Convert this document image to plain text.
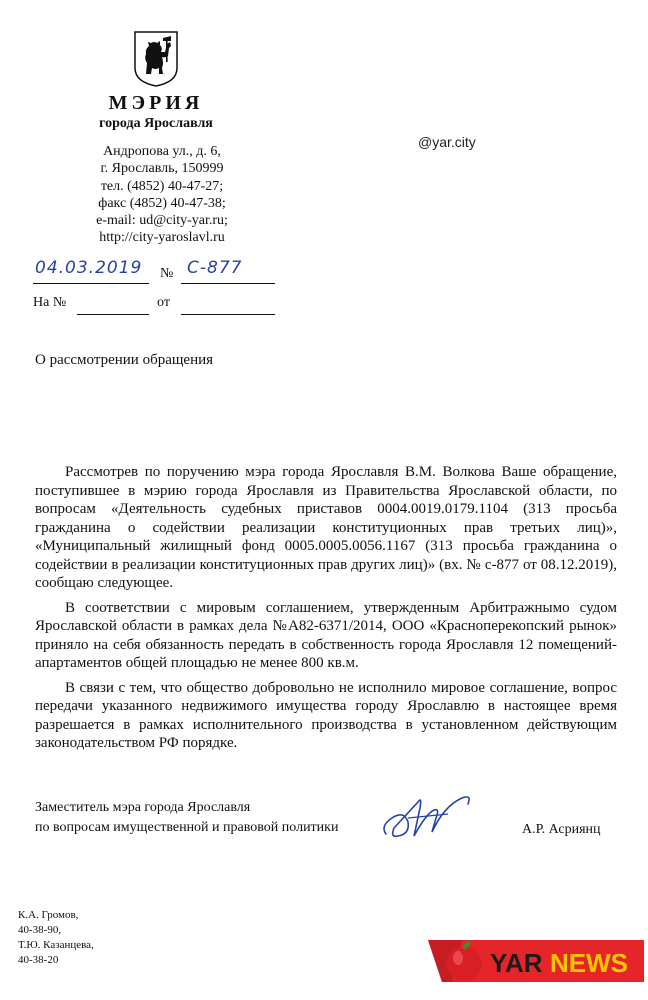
МЭРИЯ
города Ярославля
Андропова ул., д. 6,
г. Ярославль, 150999
тел. (4852) 40-47-27;
факс (4852) 40-47-38;
e-mail: ud@city-yar.ru;
http://city-yaroslavl.ru
@yar.city
04.03.2019 № С-877
На №	от
О рассмотрении обращения

Рассмотрев по поручению мэра города Ярославля В.М. Волкова Ваше обращение, поступившее в мэрию города Ярославля из Правительства Ярославской области, по вопросам «Деятельность судебных приставов 0004.0019.0179.1104 (313 просьба гражданина о содействии реализации конституционных прав третьих лиц)», «Муниципальный жилищный фонд 0005.0005.0056.1167 (313 просьба гражданина о содействии в реализации конституционных прав других лиц)» (вх. № с-877 от 08.12.2019), сообщаю следующее.

В соответствии с мировым соглашением, утвержденным Арбитражнымо судом Ярославской области в рамках дела №А82-6371/2014, ООО «Красноперекопский рынок» приняло на себя обязанность передать в собственность города Ярославля 12 помещений-апартаментов общей площадью не менее 800 кв.м.

В связи с тем, что общество добровольно не исполнило мировое соглашение, вопрос передачи указанного недвижимого имущества городу Ярославлю в настоящее время разрешается в рамках исполнительного производства в установленном действующим законодательством РФ порядке.

Заместитель мэра города Ярославля
по вопросам имущественной и правовой политики	А.Р. Асриянц
К.А. Громов,
40-38-90,
Т.Ю. Казанцева,
40-38-20	YAR NEWS
